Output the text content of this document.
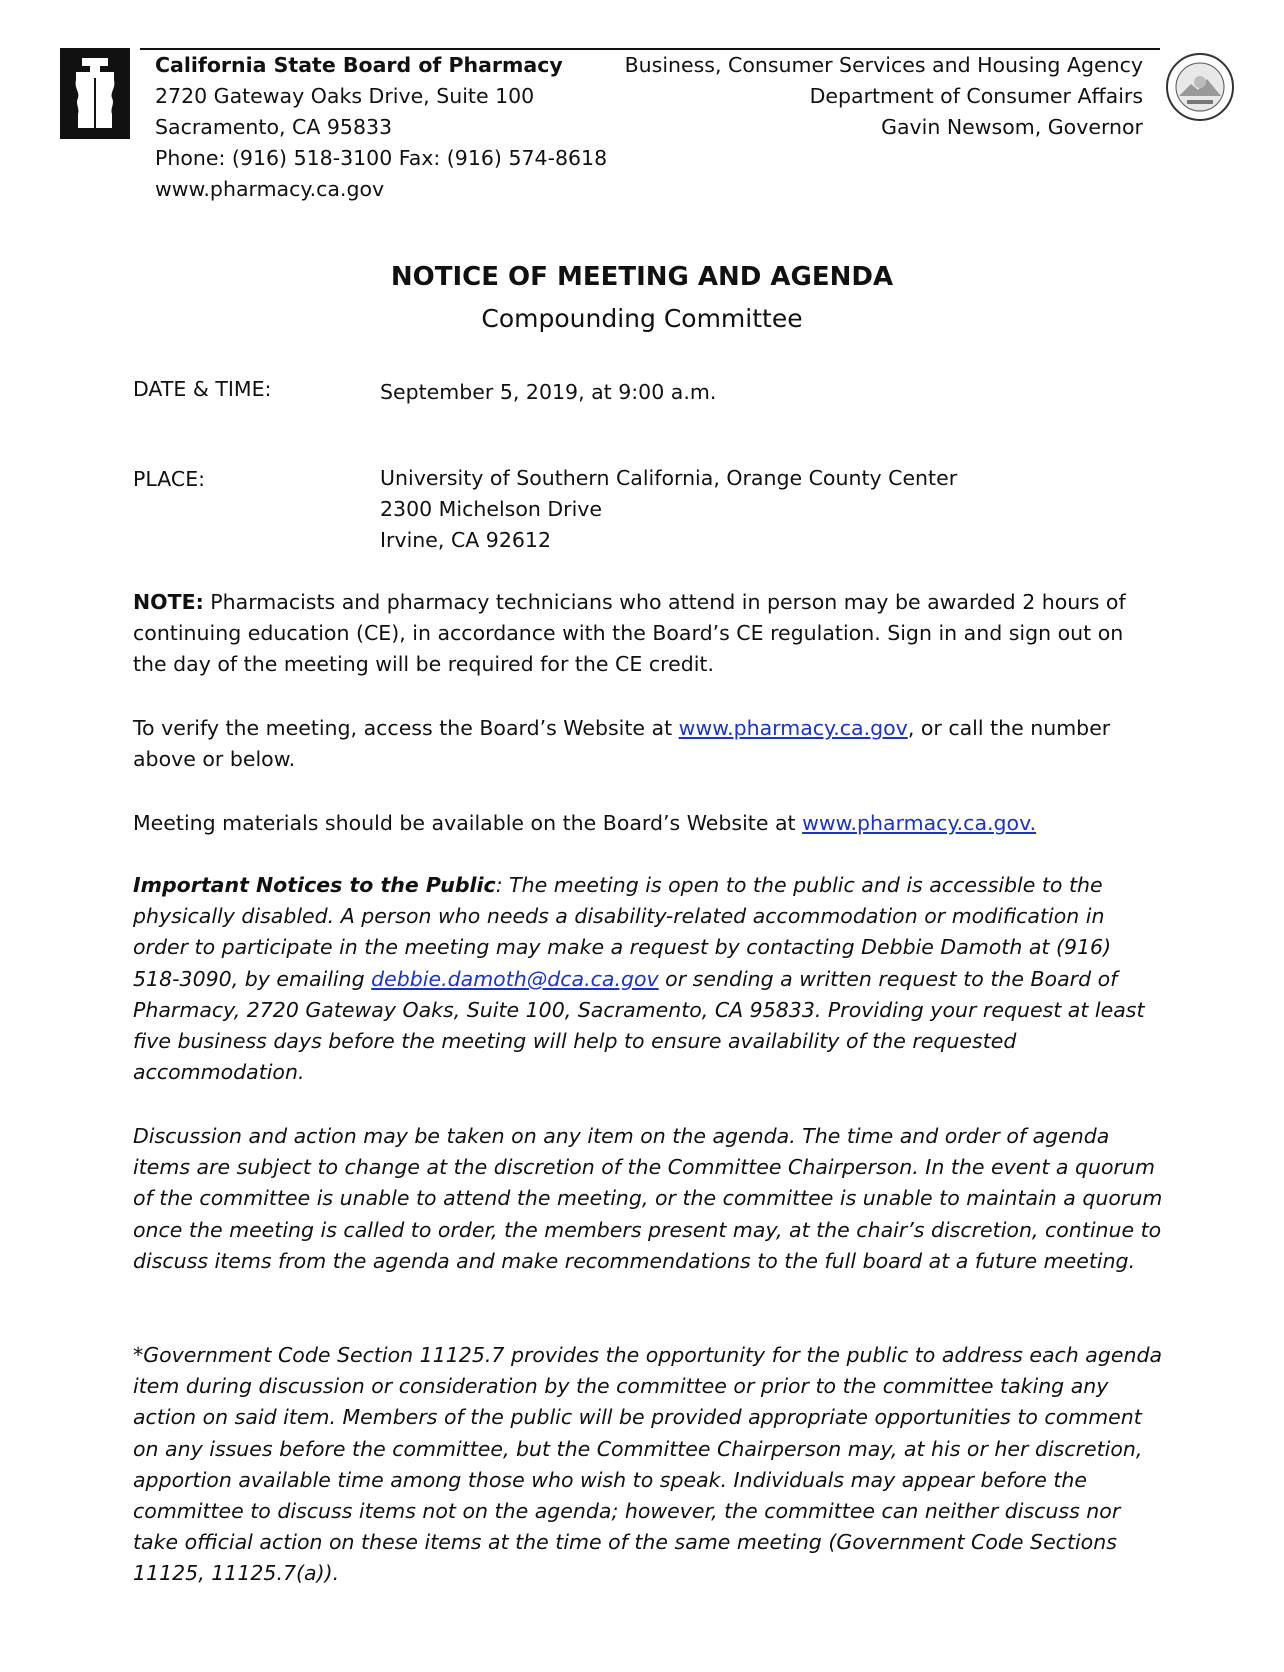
California State Board of Pharmacy
2720 Gateway Oaks Drive, Suite 100
Sacramento, CA 95833
Phone: (916) 518-3100 Fax: (916) 574-8618
www.pharmacy.ca.gov
Business, Consumer Services and Housing Agency
Department of Consumer Affairs
Gavin Newsom, Governor
NOTICE OF MEETING AND AGENDA
Compounding Committee
DATE & TIME:	September 5, 2019, at 9:00 a.m.
PLACE:	University of Southern California, Orange County Center
2300 Michelson Drive
Irvine, CA 92612
NOTE: Pharmacists and pharmacy technicians who attend in person may be awarded 2 hours of continuing education (CE), in accordance with the Board’s CE regulation. Sign in and sign out on the day of the meeting will be required for the CE credit.
To verify the meeting, access the Board’s Website at www.pharmacy.ca.gov, or call the number above or below.
Meeting materials should be available on the Board’s Website at www.pharmacy.ca.gov.
Important Notices to the Public: The meeting is open to the public and is accessible to the physically disabled. A person who needs a disability-related accommodation or modification in order to participate in the meeting may make a request by contacting Debbie Damoth at (916) 518-3090, by emailing debbie.damoth@dca.ca.gov or sending a written request to the Board of Pharmacy, 2720 Gateway Oaks, Suite 100, Sacramento, CA 95833. Providing your request at least five business days before the meeting will help to ensure availability of the requested accommodation.
Discussion and action may be taken on any item on the agenda. The time and order of agenda items are subject to change at the discretion of the Committee Chairperson. In the event a quorum of the committee is unable to attend the meeting, or the committee is unable to maintain a quorum once the meeting is called to order, the members present may, at the chair’s discretion, continue to discuss items from the agenda and make recommendations to the full board at a future meeting.
*Government Code Section 11125.7 provides the opportunity for the public to address each agenda item during discussion or consideration by the committee or prior to the committee taking any action on said item. Members of the public will be provided appropriate opportunities to comment on any issues before the committee, but the Committee Chairperson may, at his or her discretion, apportion available time among those who wish to speak. Individuals may appear before the committee to discuss items not on the agenda; however, the committee can neither discuss nor take official action on these items at the time of the same meeting (Government Code Sections 11125, 11125.7(a)).
